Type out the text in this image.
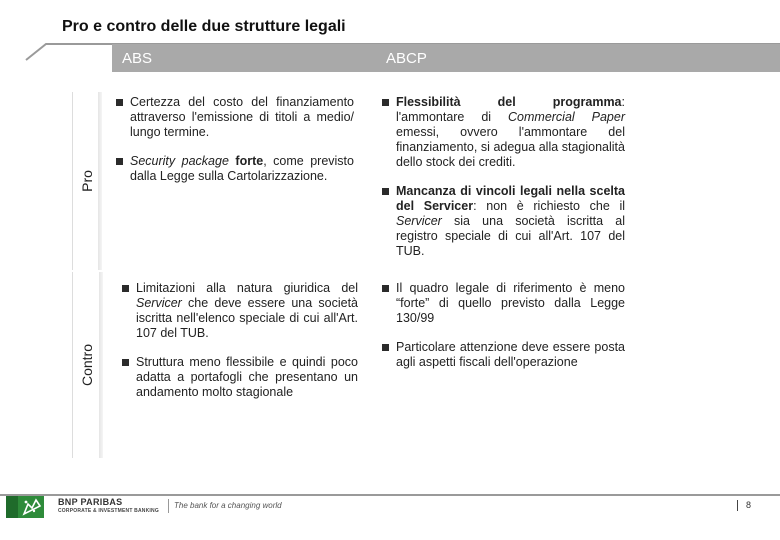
Pro e contro delle due strutture legali
ABS	ABCP
Pro
Contro
Certezza del costo del finanziamento attraverso l'emissione di titoli a medio/ lungo termine.
Security package forte, come previsto dalla Legge sulla Cartolarizzazione.
Flessibilità del programma: l'ammontare di Commercial Paper emessi, ovvero l'ammontare del finanziamento, si adegua alla stagionalità dello stock dei crediti.
Mancanza di vincoli legali nella scelta del Servicer: non è richiesto che il Servicer sia una società iscritta al registro speciale di cui all'Art. 107 del TUB.
Limitazioni alla natura giuridica del Servicer che deve essere una società iscritta nell'elenco speciale di cui all'Art. 107 del TUB.
Struttura meno flessibile e quindi poco adatta a portafogli che presentano un andamento molto stagionale
Il quadro legale di riferimento è meno “forte” di quello previsto dalla Legge 130/99
Particolare attenzione deve essere posta agli aspetti fiscali dell'operazione
BNP PARIBAS
CORPORATE & INVESTMENT BANKING
The bank for a changing world	8
